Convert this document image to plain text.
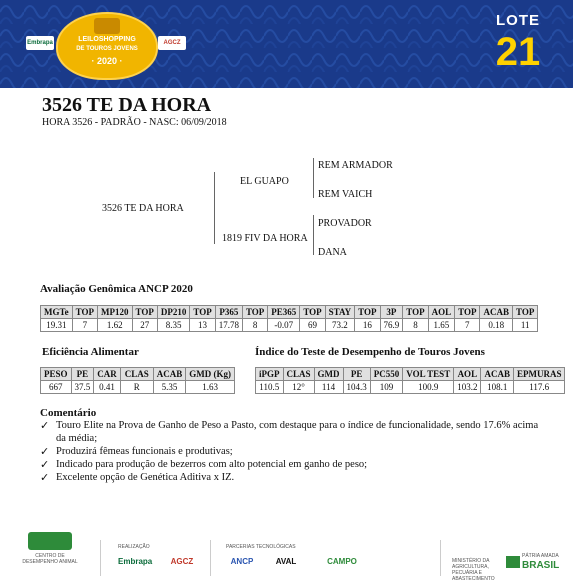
Embrapa	LEILOSHOPPING
DE TOUROS JOVENS
· 2020 ·
AGCZ
LOTE
21
3526 TE DA HORA
HORA 3526 - PADRÃO - NASC: 06/09/2018
3526 TE DA HORA
EL GUAPO
1819 FIV DA HORA
REM ARMADOR
REM VAICH
PROVADOR
DANA
Avaliação Genômica ANCP 2020
MGTe	TOP	MP120	TOP	DP210	TOP	P365	TOP	PE365	TOP	STAY	TOP	3P	TOP	AOL	TOP	ACAB	TOP
19.31	7	1.62	27	8.35	13	17.78	8	-0.07	69	73.2	16	76.9	8	1.65	7	0.18	11
Eficiência Alimentar
PESO	PE	CAR	CLAS	ACAB	GMD (Kg)
667	37.5	0.41	R	5.35	1.63
Índice do Teste de Desempenho de Touros Jovens
iPGP	CLAS	GMD	PE	PC550	VOL TEST	AOL	ACAB	EPMURAS
110.5	12°	114	104.3	109	100.9	103.2	108.1	117.6
Comentário
✓ Touro Elite na Prova de Ganho de Peso a Pasto, com destaque para o índice de funcionalidade, sendo 17.6% acima da média;
✓ Produzirá fêmeas funcionais e produtivas;
✓ Indicado para produção de bezerros com alto potencial em ganho de peso;
✓ Excelente opção de Genética Aditiva x IZ.
CENTRO DE DESEMPENHO ANIMAL
REALIZAÇÃO
Embrapa	AGCZ
PARCERIAS TECNOLÓGICAS
ANCP	AVAL	CAMPO	MINISTÉRIO DA AGRICULTURA, PECUÁRIA E ABASTECIMENTO
PÁTRIA AMADA
BRASIL
